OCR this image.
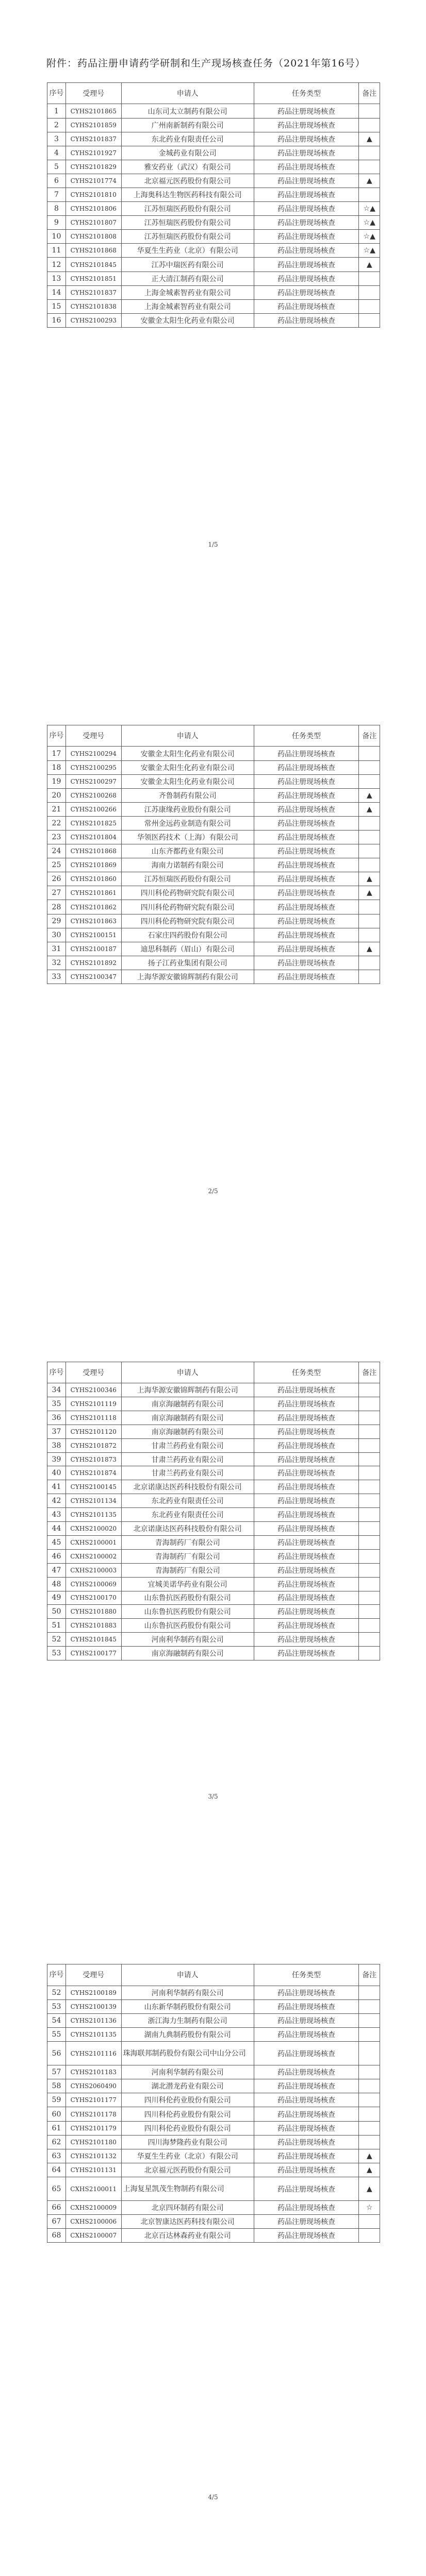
附件：药品注册申请药学研制和生产现场核查任务（2021年第16号）
序号	受理号	申请人	任务类型	备注
1	CYHS2101865	山东司太立制药有限公司	药品注册现场核查	
2	CYHS2101859	广州南新制药有限公司	药品注册现场核查	
3	CYHS2101837	东北药业有限责任公司	药品注册现场核查	▲
4	CYHS2101927	金城药业有限公司	药品注册现场核查	
5	CYHS2101829	雅安药业（武汉）有限公司	药品注册现场核查	
6	CYHS2101774	北京福元医药股份有限公司	药品注册现场核查	▲
7	CYHS2101810	上海奥科达生物医药科技有限公司	药品注册现场核查	
8	CYHS2101806	江苏恒瑞医药股份有限公司	药品注册现场核查	☆▲
9	CYHS2101807	江苏恒瑞医药股份有限公司	药品注册现场核查	☆▲
10	CYHS2101808	江苏恒瑞医药股份有限公司	药品注册现场核查	☆▲
11	CYHS2101868	华夏生生药业（北京）有限公司	药品注册现场核查	☆▲
12	CYHS2101845	江苏中瑞医药有限公司	药品注册现场核查	▲
13	CYHS2101851	正大清江制药有限公司	药品注册现场核查	
14	CYHS2101837	上海金城素智药业有限公司	药品注册现场核查	
15	CYHS2101838	上海金城素智药业有限公司	药品注册现场核查	
16	CYHS2100293	安徽金太阳生化药业有限公司	药品注册现场核查	
1/5
序号	受理号	申请人	任务类型	备注
17	CYHS2100294	安徽金太阳生化药业有限公司	药品注册现场核查	
18	CYHS2100295	安徽金太阳生化药业有限公司	药品注册现场核查	
19	CYHS2100297	安徽金太阳生化药业有限公司	药品注册现场核查	
20	CYHS2100268	齐鲁制药有限公司	药品注册现场核查	▲
21	CYHS2100266	江苏康缘药业股份有限公司	药品注册现场核查	▲
22	CYHS2101825	常州金远药业制造有限公司	药品注册现场核查	
23	CYHS2101804	华领医药技术（上海）有限公司	药品注册现场核查	
24	CYHS2101868	山东齐都药业有限公司	药品注册现场核查	
25	CYHS2101869	海南力诺制药有限公司	药品注册现场核查	
26	CYHS2101860	江苏恒瑞医药股份有限公司	药品注册现场核查	▲
27	CYHS2101861	四川科伦药物研究院有限公司	药品注册现场核查	▲
28	CYHS2101862	四川科伦药物研究院有限公司	药品注册现场核查	
29	CYHS2101863	四川科伦药物研究院有限公司	药品注册现场核查	
30	CYHS2100151	石家庄四药股份有限公司	药品注册现场核查	
31	CYHS2100187	迪思科制药（眉山）有限公司	药品注册现场核查	▲
32	CYHS2101892	扬子江药业集团有限公司	药品注册现场核查	
33	CYHS2100347	上海华源安徽锦辉制药有限公司	药品注册现场核查	
2/5
序号	受理号	申请人	任务类型	备注
34	CYHS2100346	上海华源安徽锦辉制药有限公司	药品注册现场核查	
35	CYHS2101119	南京海融制药有限公司	药品注册现场核查	
36	CYHS2101118	南京海融制药有限公司	药品注册现场核查	
37	CYHS2101120	南京海融制药有限公司	药品注册现场核查	
38	CYHS2101872	甘肃兰药药业有限公司	药品注册现场核查	
39	CYHS2101873	甘肃兰药药业有限公司	药品注册现场核查	
40	CYHS2101874	甘肃兰药药业有限公司	药品注册现场核查	
41	CYHS2100145	北京诺康达医药科技股份有限公司	药品注册现场核查	
42	CYHS2101134	东北药业有限责任公司	药品注册现场核查	
43	CYHS2101135	东北药业有限责任公司	药品注册现场核查	
44	CXHS2100020	北京诺康达医药科技股份有限公司	药品注册现场核查	
45	CXHS2100001	青海制药厂有限公司	药品注册现场核查	
46	CXHS2100002	青海制药厂有限公司	药品注册现场核查	
47	CXHS2100003	青海制药厂有限公司	药品注册现场核查	
48	CYHS2100069	宜城美诺华药业有限公司	药品注册现场核查	
49	CYHS2100170	山东鲁抗医药股份有限公司	药品注册现场核查	
50	CYHS2101880	山东鲁抗医药股份有限公司	药品注册现场核查	
51	CYHS2101883	山东鲁抗医药股份有限公司	药品注册现场核查	
52	CYHS2101845	河南利华制药有限公司	药品注册现场核查	
53	CYHS2100177	南京海融制药有限公司	药品注册现场核查	
3/5
序号	受理号	申请人	任务类型	备注
52	CYHS2100189	河南利华制药有限公司	药品注册现场核查	
53	CYHS2100139	山东新华制药股份有限公司	药品注册现场核查	
54	CYHS2101136	浙江海力生制药有限公司	药品注册现场核查	
55	CYHS2101135	湖南九典制药股份有限公司	药品注册现场核查	
56	CYHS2101116	珠海联邦制药股份有限公司中山分公司	药品注册现场核查	
57	CYHS2101183	河南利华制药有限公司	药品注册现场核查	
58	CYHS2060490	湖北潜龙药业有限公司	药品注册现场核查	
59	CYHS2101177	四川科伦药业股份有限公司	药品注册现场核查	
60	CYHS2101178	四川科伦药业股份有限公司	药品注册现场核查	
61	CYHS2101179	四川科伦药业股份有限公司	药品注册现场核查	
62	CYHS2101180	四川海梦隆药业有限公司	药品注册现场核查	
63	CYHS2101132	华夏生生药业（北京）有限公司	药品注册现场核查	▲
64	CYHS2101131	北京福元医药股份有限公司	药品注册现场核查	▲
65	CXHS2100011	上海复星凯茂生物制药有限公司	药品注册现场核查	▲
66	CXHS2100009	北京四环制药有限公司	药品注册现场核查	☆
67	CXHS2100006	北京智康达医药科技有限公司	药品注册现场核查	
68	CXHS2100007	北京百达林森药业有限公司	药品注册现场核查	
4/5
